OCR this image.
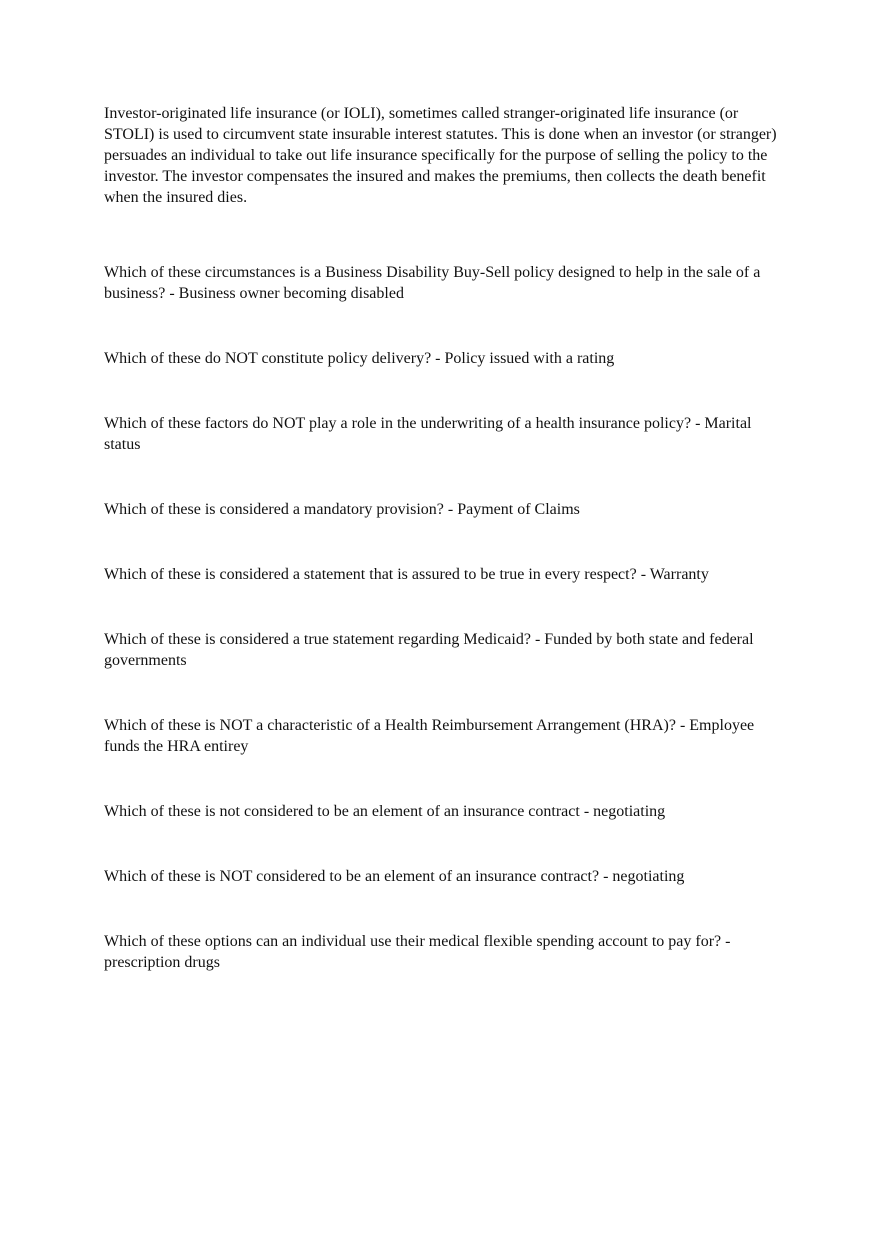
Investor-originated life insurance (or IOLI), sometimes called stranger-originated life insurance (or STOLI) is used to circumvent state insurable interest statutes. This is done when an investor (or stranger) persuades an individual to take out life insurance specifically for the purpose of selling the policy to the investor. The investor compensates the insured and makes the premiums, then collects the death benefit when the insured dies.

Which of these circumstances is a Business Disability Buy-Sell policy designed to help in the sale of a business? - Business owner becoming disabled

Which of these do NOT constitute policy delivery? - Policy issued with a rating

Which of these factors do NOT play a role in the underwriting of a health insurance policy? - Marital status

Which of these is considered a mandatory provision? - Payment of Claims

Which of these is considered a statement that is assured to be true in every respect? - Warranty

Which of these is considered a true statement regarding Medicaid? - Funded by both state and federal governments

Which of these is NOT a characteristic of a Health Reimbursement Arrangement (HRA)? - Employee funds the HRA entirey

Which of these is not considered to be an element of an insurance contract - negotiating

Which of these is NOT considered to be an element of an insurance contract? - negotiating

Which of these options can an individual use their medical flexible spending account to pay for? - prescription drugs
